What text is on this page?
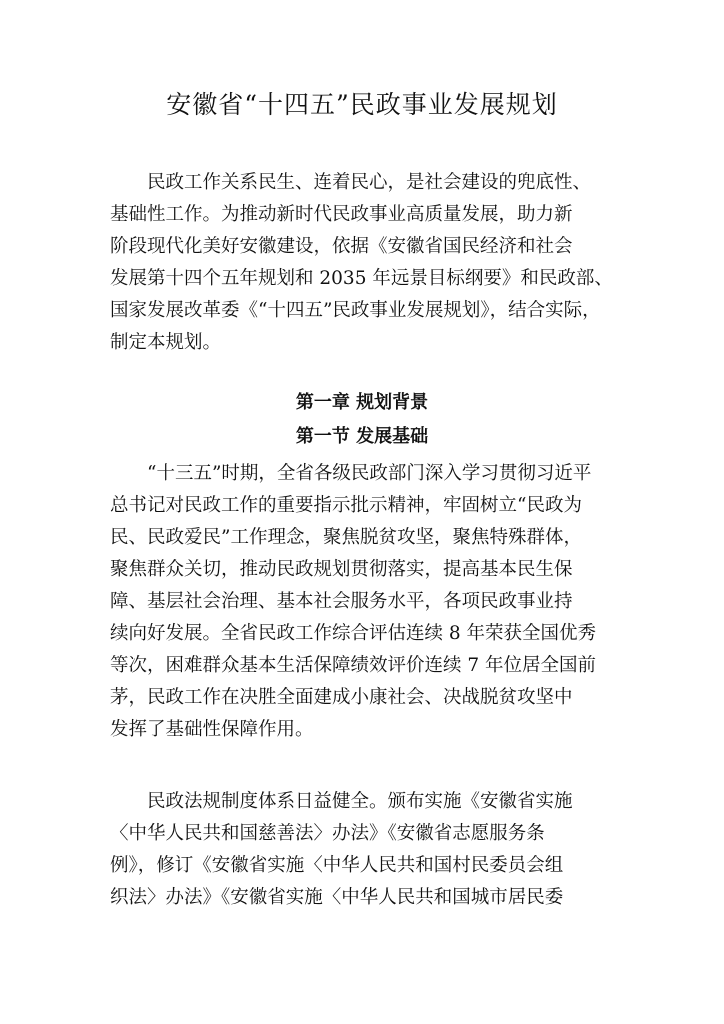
安徽省“十四五”民政事业发展规划
民政工作关系民生、连着民心，是社会建设的兜底性、
基础性工作。为推动新时代民政事业高质量发展，助力新
阶段现代化美好安徽建设，依据《安徽省国民经济和社会
发展第十四个五年规划和 2035 年远景目标纲要》和民政部、
国家发展改革委《“十四五”民政事业发展规划》，结合实际，
制定本规划。
第一章 规划背景
第一节 发展基础
“十三五”时期，全省各级民政部门深入学习贯彻习近平
总书记对民政工作的重要指示批示精神，牢固树立“民政为
民、民政爱民”工作理念，聚焦脱贫攻坚，聚焦特殊群体，
聚焦群众关切，推动民政规划贯彻落实，提高基本民生保
障、基层社会治理、基本社会服务水平，各项民政事业持
续向好发展。全省民政工作综合评估连续 8 年荣获全国优秀
等次，困难群众基本生活保障绩效评价连续 7 年位居全国前
茅，民政工作在决胜全面建成小康社会、决战脱贫攻坚中
发挥了基础性保障作用。
民政法规制度体系日益健全。颁布实施《安徽省实施
〈中华人民共和国慈善法〉办法》《安徽省志愿服务条
例》，修订《安徽省实施〈中华人民共和国村民委员会组
织法〉办法》《安徽省实施〈中华人民共和国城市居民委
